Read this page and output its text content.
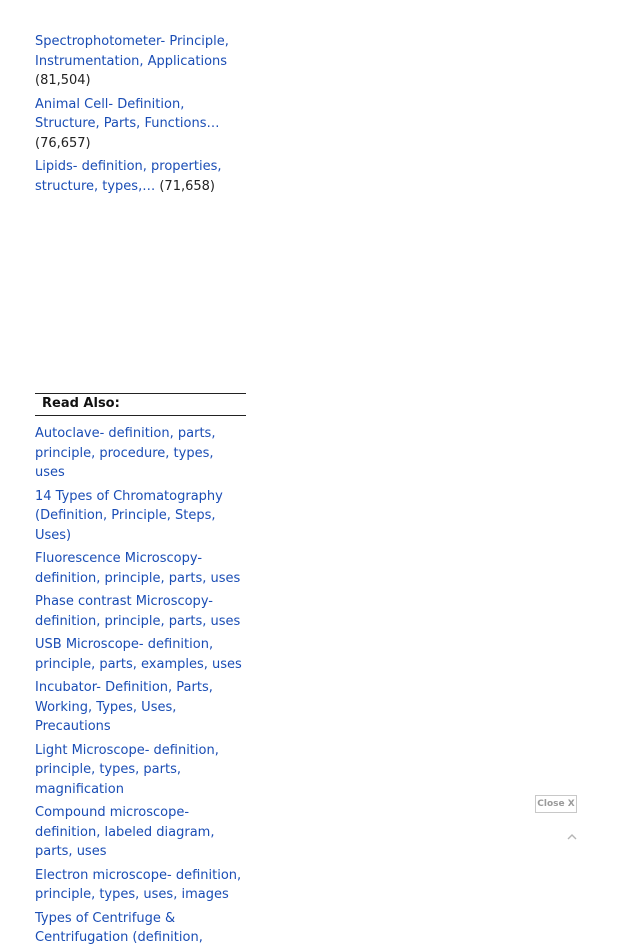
Spectrophotometer- Principle, Instrumentation, Applications (81,504)
Animal Cell- Definition, Structure, Parts, Functions… (76,657)
Lipids- definition, properties, structure, types,… (71,658)
Read Also:
Autoclave- definition, parts, principle, procedure, types, uses
14 Types of Chromatography (Definition, Principle, Steps, Uses)
Fluorescence Microscopy- definition, principle, parts, uses
Phase contrast Microscopy- definition, principle, parts, uses
USB Microscope- definition, principle, parts, examples, uses
Incubator- Definition, Parts, Working, Types, Uses, Precautions
Light Microscope- definition, principle, types, parts, magnification
Compound microscope- definition, labeled diagram, parts, uses
Electron microscope- definition, principle, types, uses, images
Types of Centrifuge & Centrifugation (definition,
Close X
